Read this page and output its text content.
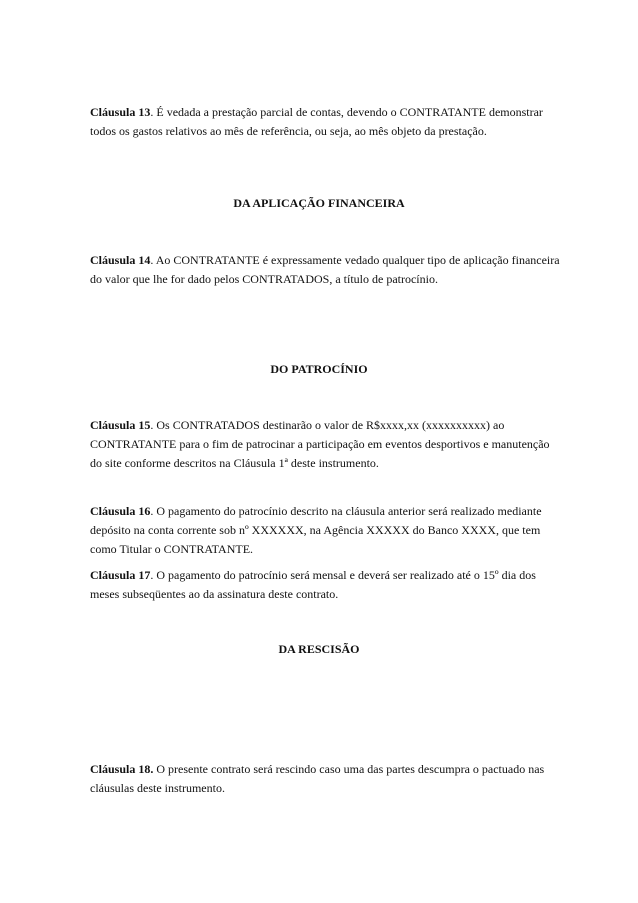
Cláusula 13. É vedada a prestação parcial de contas, devendo o CONTRATANTE demonstrar todos os gastos relativos ao mês de referência, ou seja, ao mês objeto da prestação.

DA APLICAÇÃO FINANCEIRA

Cláusula 14. Ao CONTRATANTE é expressamente vedado qualquer tipo de aplicação financeira do valor que lhe for dado pelos CONTRATADOS, a título de patrocínio.

DO PATROCÍNIO

Cláusula 15. Os CONTRATADOS destinarão o valor de R$xxxx,xx (xxxxxxxxxx) ao CONTRATANTE para o fim de patrocinar a participação em eventos desportivos e manutenção do site conforme descritos na Cláusula 1ª deste instrumento.

Cláusula 16. O pagamento do patrocínio descrito na cláusula anterior será realizado mediante depósito na conta corrente sob nº XXXXXX, na Agência XXXXX do Banco XXXX, que tem como Titular o CONTRATANTE.

Cláusula 17. O pagamento do patrocínio será mensal e deverá ser realizado até o 15º dia dos meses subseqüentes ao da assinatura deste contrato.

DA RESCISÃO

Cláusula 18. O presente contrato será rescindo caso uma das partes descumpra o pactuado nas cláusulas deste instrumento.
